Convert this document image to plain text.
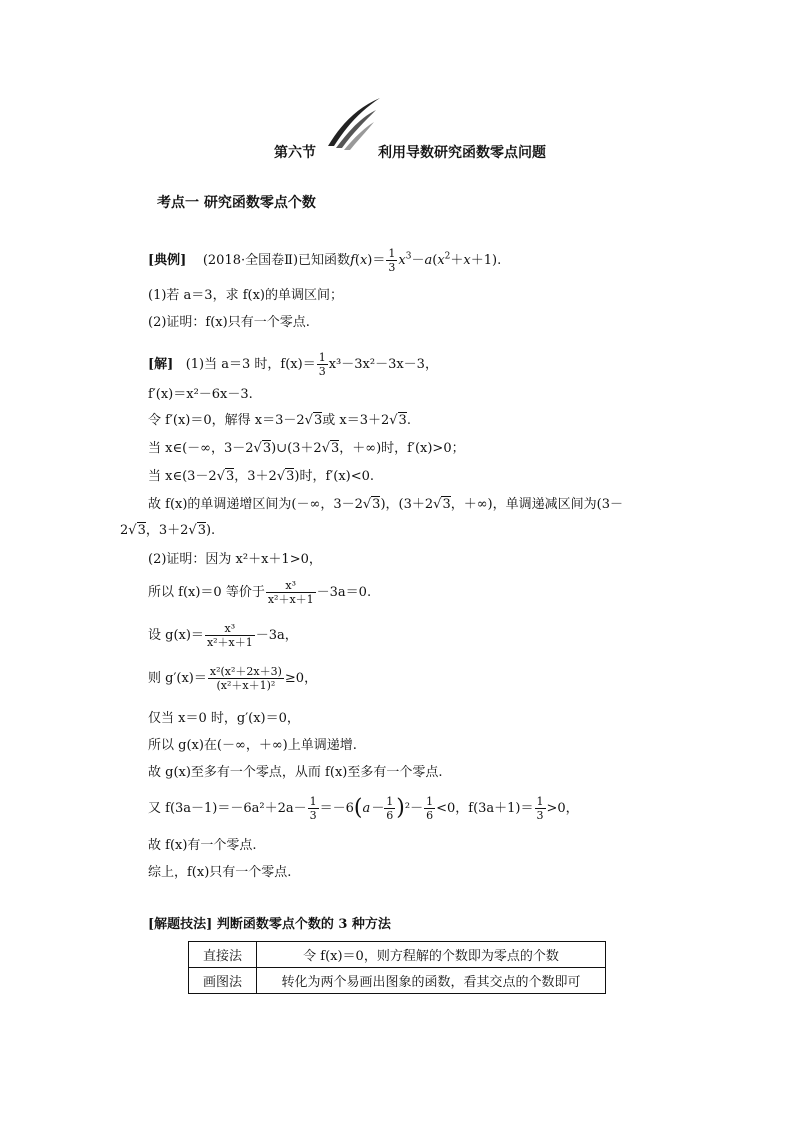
第六节	利用导数研究函数零点问题
考点一 研究函数零点个数
[典例] (2018·全国卷Ⅱ)已知函数$f(x)= \frac{1}{3} x^3-a(x^2+x+1)$.
(1)若 a＝3，求 f(x)的单调区间；
(2)证明：f(x)只有一个零点.
[解] (1)当 a＝3 时，$f(x)= \frac{1}{3} x^3-3x^2-3x-3$，
f′(x)＝x²－6x－3.
令 f′(x)＝0，解得 x＝3－2√3或 x＝3＋2√3.
当 x∈(－∞，3－2√3)∪(3＋2√3，＋∞)时，f′(x)>0；
当 x∈(3－2√3，3＋2√3)时，f′(x)<0.
故 f(x)的单调递增区间为(－∞，3－2√3)，(3＋2√3，＋∞)，单调递减区间为(3－
2√3，3＋2√3).
(2)证明：因为 x²＋x＋1>0，
所以 f(x)＝0 等价于 $\frac{\text{x³}}{\text{x²＋x＋1}} -3a=0$.
设 $g(x)= \frac{\text{x³}}{\text{x²＋x＋1}} -3a$，
则 $g'(x)= \frac{\text{x²(x²＋2x＋3)}}{\text{(x²＋x＋1)²}} \ge 0$，
仅当 x＝0 时，g′(x)＝0，
所以 g(x)在(－∞，＋∞)上单调递增.
故 g(x)至多有一个零点，从而 f(x)至多有一个零点.
又 $f(3a-1)=-6a^2+2a- \frac{1}{3} =-6(a- \frac{1}{6} )^2- \frac{1}{6} <0$，$f(3a+1)= \frac{1}{3} >0$，
故 f(x)有一个零点.
综上，f(x)只有一个零点.
[解题技法] 判断函数零点个数的 3 种方法
直接法	令 f(x)＝0，则方程解的个数即为零点的个数
画图法	转化为两个易画出图象的函数，看其交点的个数即可
